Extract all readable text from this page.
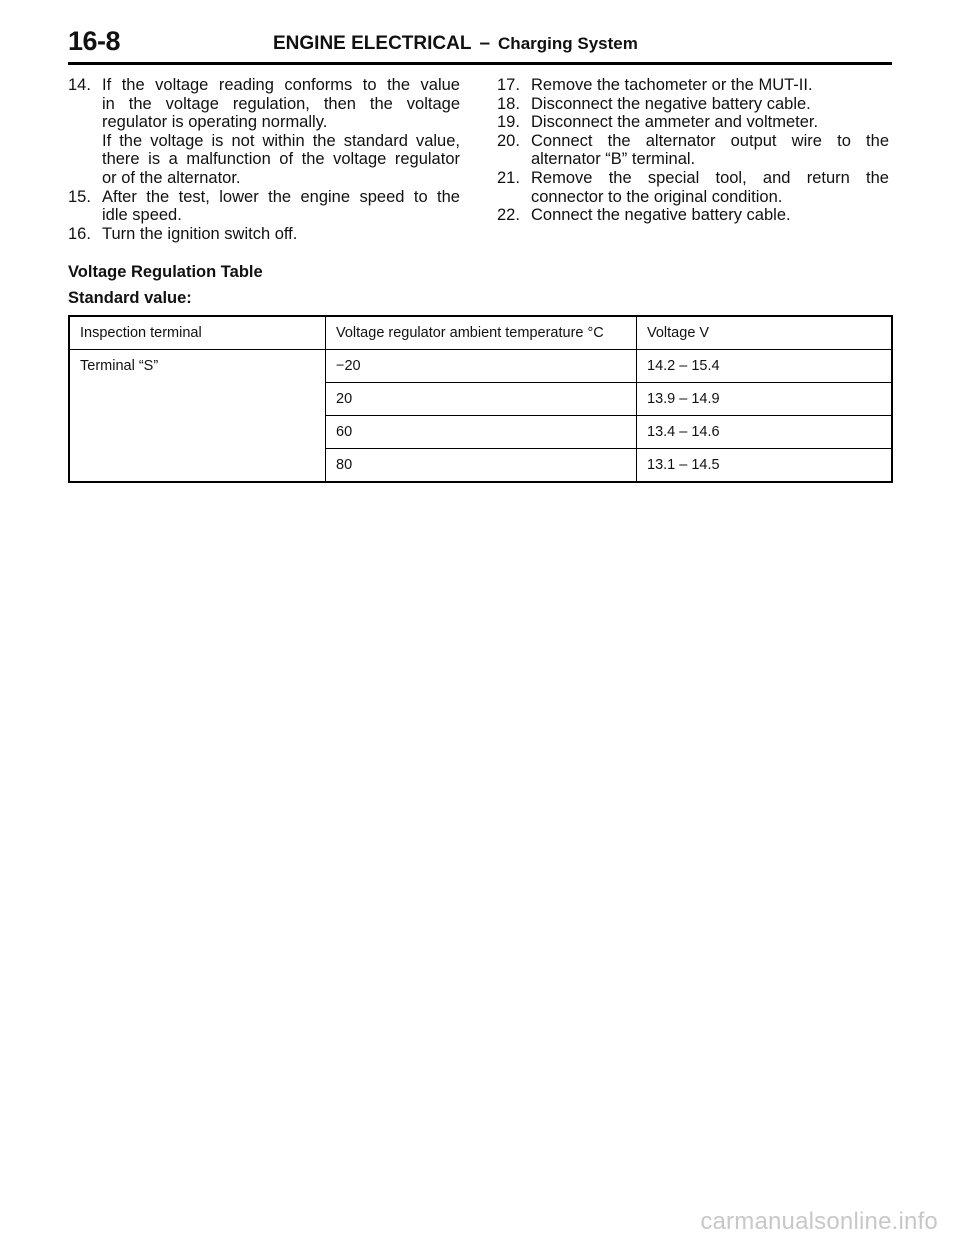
16-8	ENGINE ELECTRICAL – Charging System
14. If the voltage reading conforms to the value
in the voltage regulation, then the voltage
regulator is operating normally.
If the voltage is not within the standard value,
there is a malfunction of the voltage regulator
or of the alternator.
15. After the test, lower the engine speed to the
idle speed.
16. Turn the ignition switch off.
17. Remove the tachometer or the MUT-II.
18. Disconnect the negative battery cable.
19. Disconnect the ammeter and voltmeter.
20. Connect the alternator output wire to the
alternator “B” terminal.
21. Remove the special tool, and return the
connector to the original condition.
22. Connect the negative battery cable.
Voltage Regulation Table
Standard value:
Inspection terminal	Voltage regulator ambient temperature °C	Voltage V
Terminal “S”	−20	14.2 – 15.4
	20	13.9 – 14.9
	60	13.4 – 14.6
	80	13.1 – 14.5
carmanualsonline.info
